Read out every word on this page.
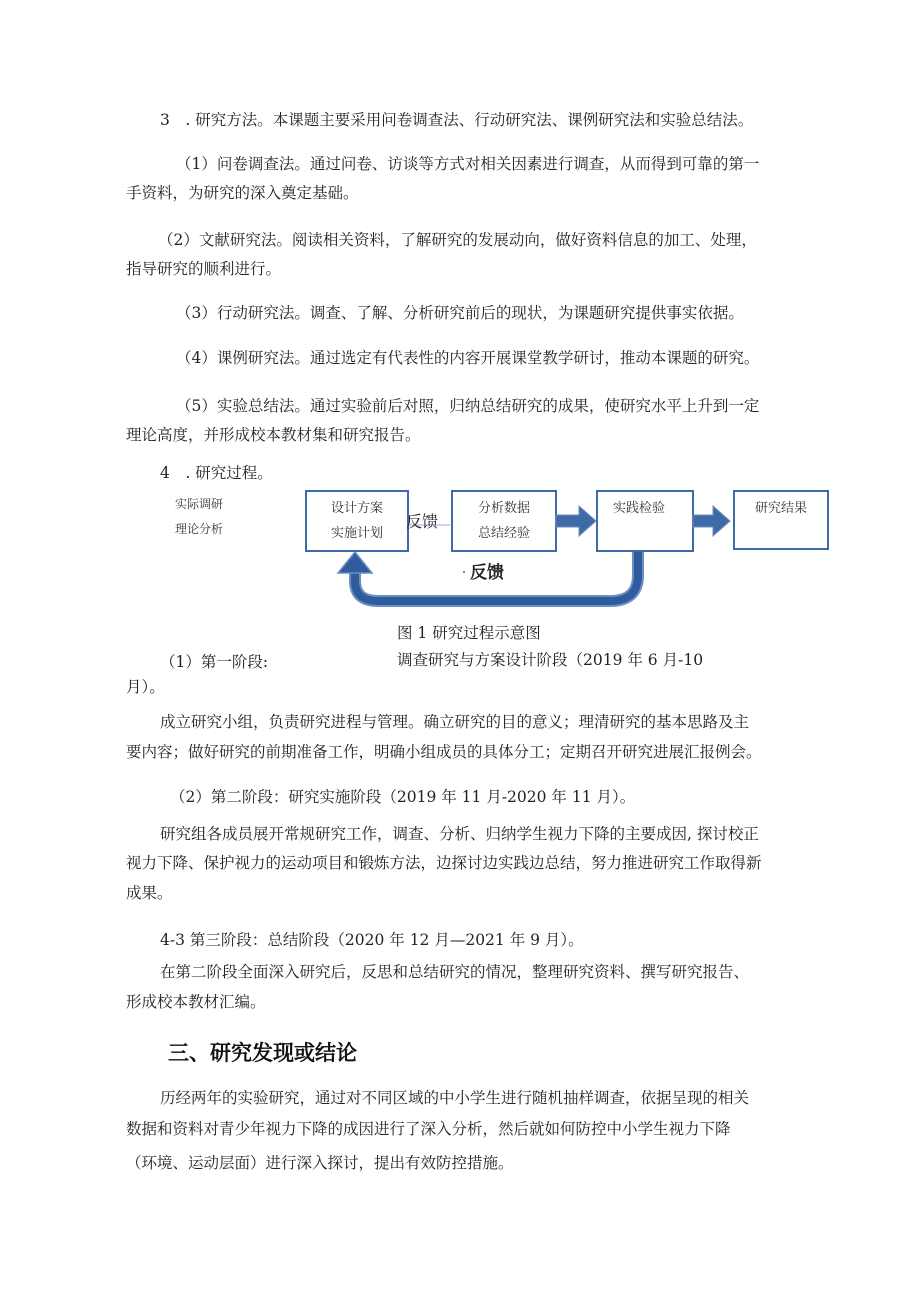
3　. 研究方法。本课题主要采用问卷调查法、行动研究法、课例研究法和实验总结法。

（1）问卷调查法。通过问卷、访谈等方式对相关因素进行调查，从而得到可靠的第一

手资料，为研究的深入奠定基础。

（2）文献研究法。阅读相关资料，了解研究的发展动向，做好资料信息的加工、处理，

指导研究的顺利进行。

（3）行动研究法。调查、了解、分析研究前后的现状，为课题研究提供事实依据。

（4）课例研究法。通过选定有代表性的内容开展课堂教学研讨，推动本课题的研究。

（5）实验总结法。通过实验前后对照，归纳总结研究的成果，使研究水平上升到一定

理论高度，并形成校本教材集和研究报告。

4　. 研究过程。

实际调研

理论分析

设计方案
实施计划
反馈
分析数据
总结经验
实践检验	研究结果
反馈

图 1 研究过程示意图

（1）第一阶段:	调查研究与方案设计阶段（2019 年 6 月-10

月）。

成立研究小组，负责研究进程与管理。确立研究的目的意义；理清研究的基本思路及主

要内容；做好研究的前期准备工作，明确小组成员的具体分工；定期召开研究进展汇报例会。

（2）第二阶段：研究实施阶段（2019 年 11 月-2020 年 11 月）。

研究组各成员展开常规研究工作，调查、分析、归纳学生视力下降的主要成因, 探讨校正

视力下降、保护视力的运动项目和锻炼方法，边探讨边实践边总结，努力推进研究工作取得新

成果。

4-3 第三阶段：总结阶段（2020 年 12 月—2021 年 9 月）。

在第二阶段全面深入研究后，反思和总结研究的情况，整理研究资料、撰写研究报告、

形成校本教材汇编。

三、研究发现或结论

历经两年的实验研究，通过对不同区域的中小学生进行随机抽样调查，依据呈现的相关

数据和资料对青少年视力下降的成因进行了深入分析，然后就如何防控中小学生视力下降

（环境、运动层面）进行深入探讨，提出有效防控措施。
